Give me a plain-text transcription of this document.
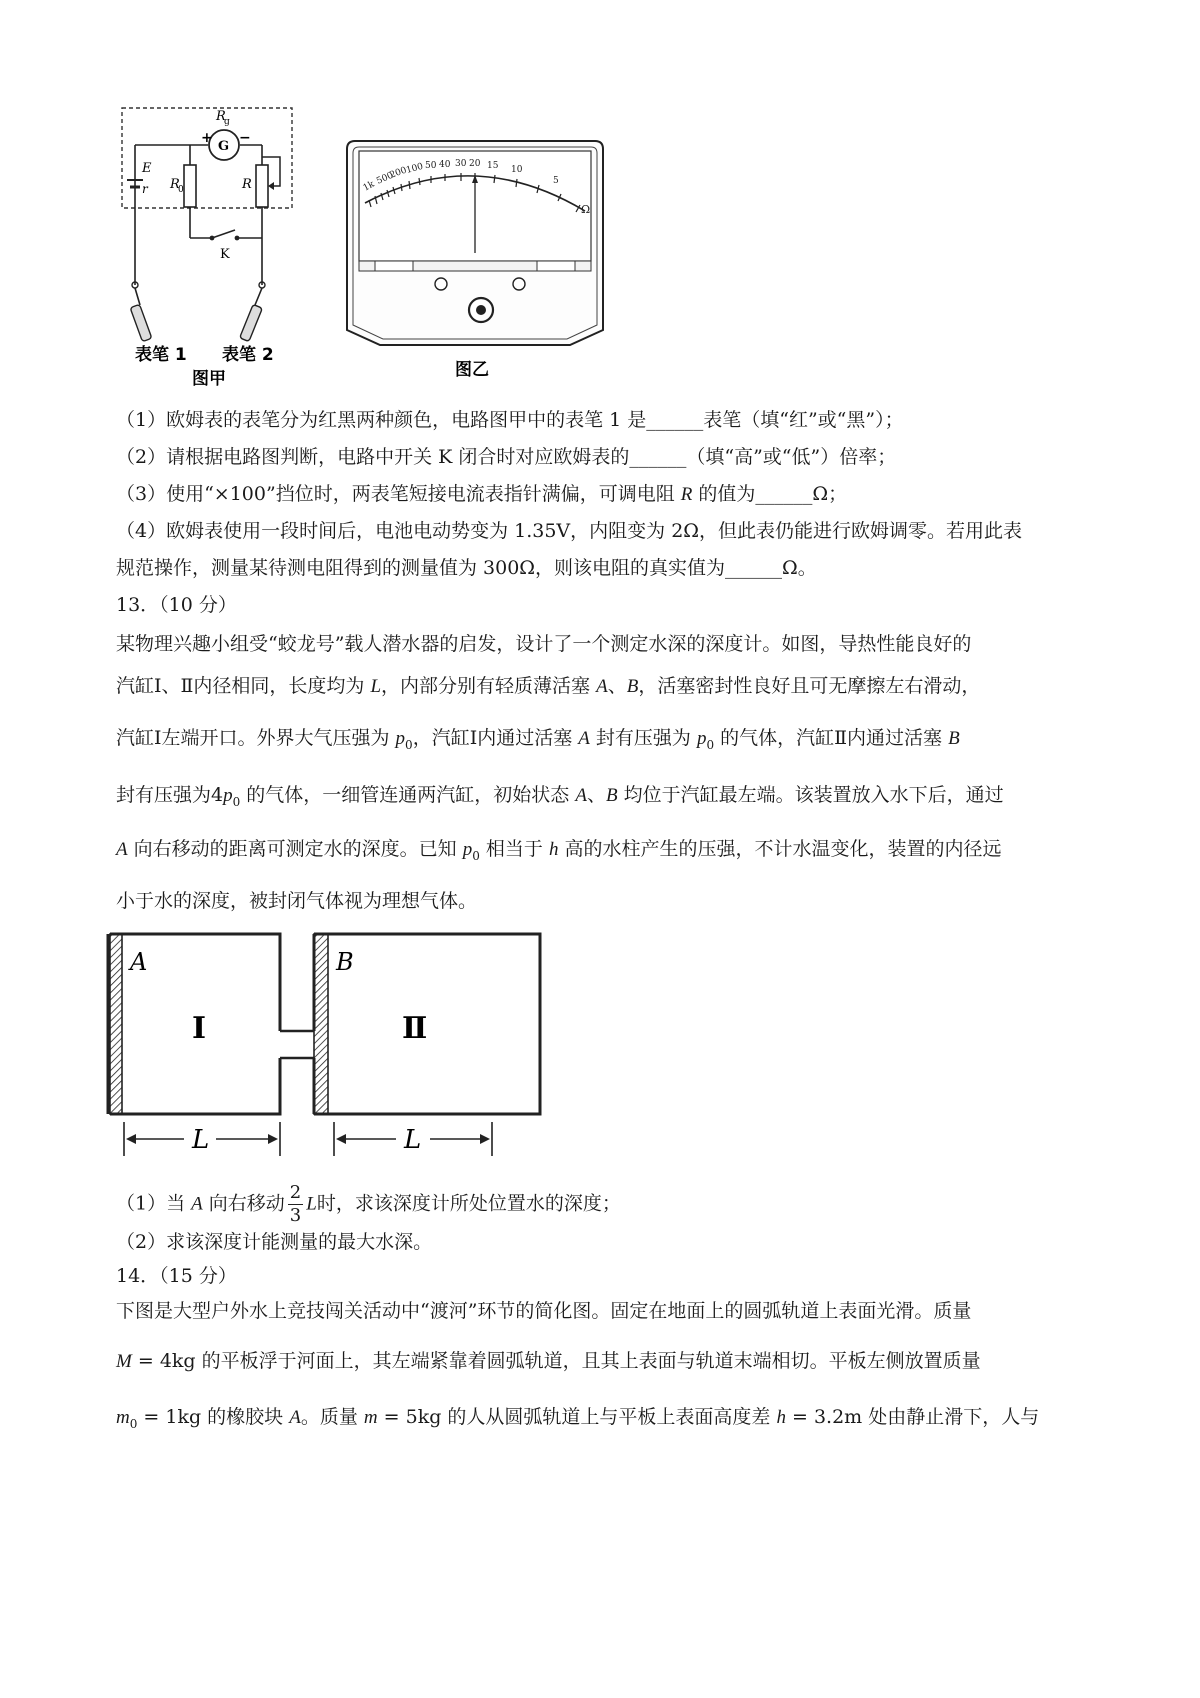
R
g
+ −
G
E
r R
0	R
K
表笔 1 表笔 2
图甲
1k
500
200
100 50 40 30 20 15 10
5
Ω
图乙
（1）欧姆表的表笔分为红黑两种颜色，电路图甲中的表笔 1 是______表笔（填“红”或“黑”）；
（2）请根据电路图判断，电路中开关 K 闭合时对应欧姆表的______（填“高”或“低”）倍率；
（3）使用“×100”挡位时，两表笔短接电流表指针满偏，可调电阻 R 的值为______Ω；
（4）欧姆表使用一段时间后，电池电动势变为 1.35V，内阻变为 2Ω，但此表仍能进行欧姆调零。若用此表
规范操作，测量某待测电阻得到的测量值为 300Ω，则该电阻的真实值为______Ω。
13．（10 分）
某物理兴趣小组受“蛟龙号”载人潜水器的启发，设计了一个测定水深的深度计。如图，导热性能良好的
汽缸Ⅰ、Ⅱ内径相同，长度均为 L，内部分别有轻质薄活塞 A、B，活塞密封性良好且可无摩擦左右滑动，
汽缸Ⅰ左端开口。外界大气压强为 $p_0$，汽缸Ⅰ内通过活塞 A 封有压强为 $p_0$ 的气体，汽缸Ⅱ内通过活塞 B
封有压强为$4p_0$ 的气体，一细管连通两汽缸，初始状态 A、B 均位于汽缸最左端。该装置放入水下后，通过
A 向右移动的距离可测定水的深度。已知 $p_0$ 相当于 h 高的水柱产生的压强，不计水温变化，装置的内径远
小于水的深度，被封闭气体视为理想气体。
A	B
Ⅰ	Ⅱ
L	L
（1）当 A 向右移动 $\frac{2}{3}$ L时，求该深度计所处位置水的深度；
（2）求该深度计能测量的最大水深。
14．（15 分）
下图是大型户外水上竞技闯关活动中“渡河”环节的简化图。固定在地面上的圆弧轨道上表面光滑。质量
M = 4kg 的平板浮于河面上，其左端紧靠着圆弧轨道，且其上表面与轨道末端相切。平板左侧放置质量
$m_0 = 1kg$ 的橡胶块 A。质量 m = 5kg 的人从圆弧轨道上与平板上表面高度差 h = 3.2m 处由静止滑下，人与
